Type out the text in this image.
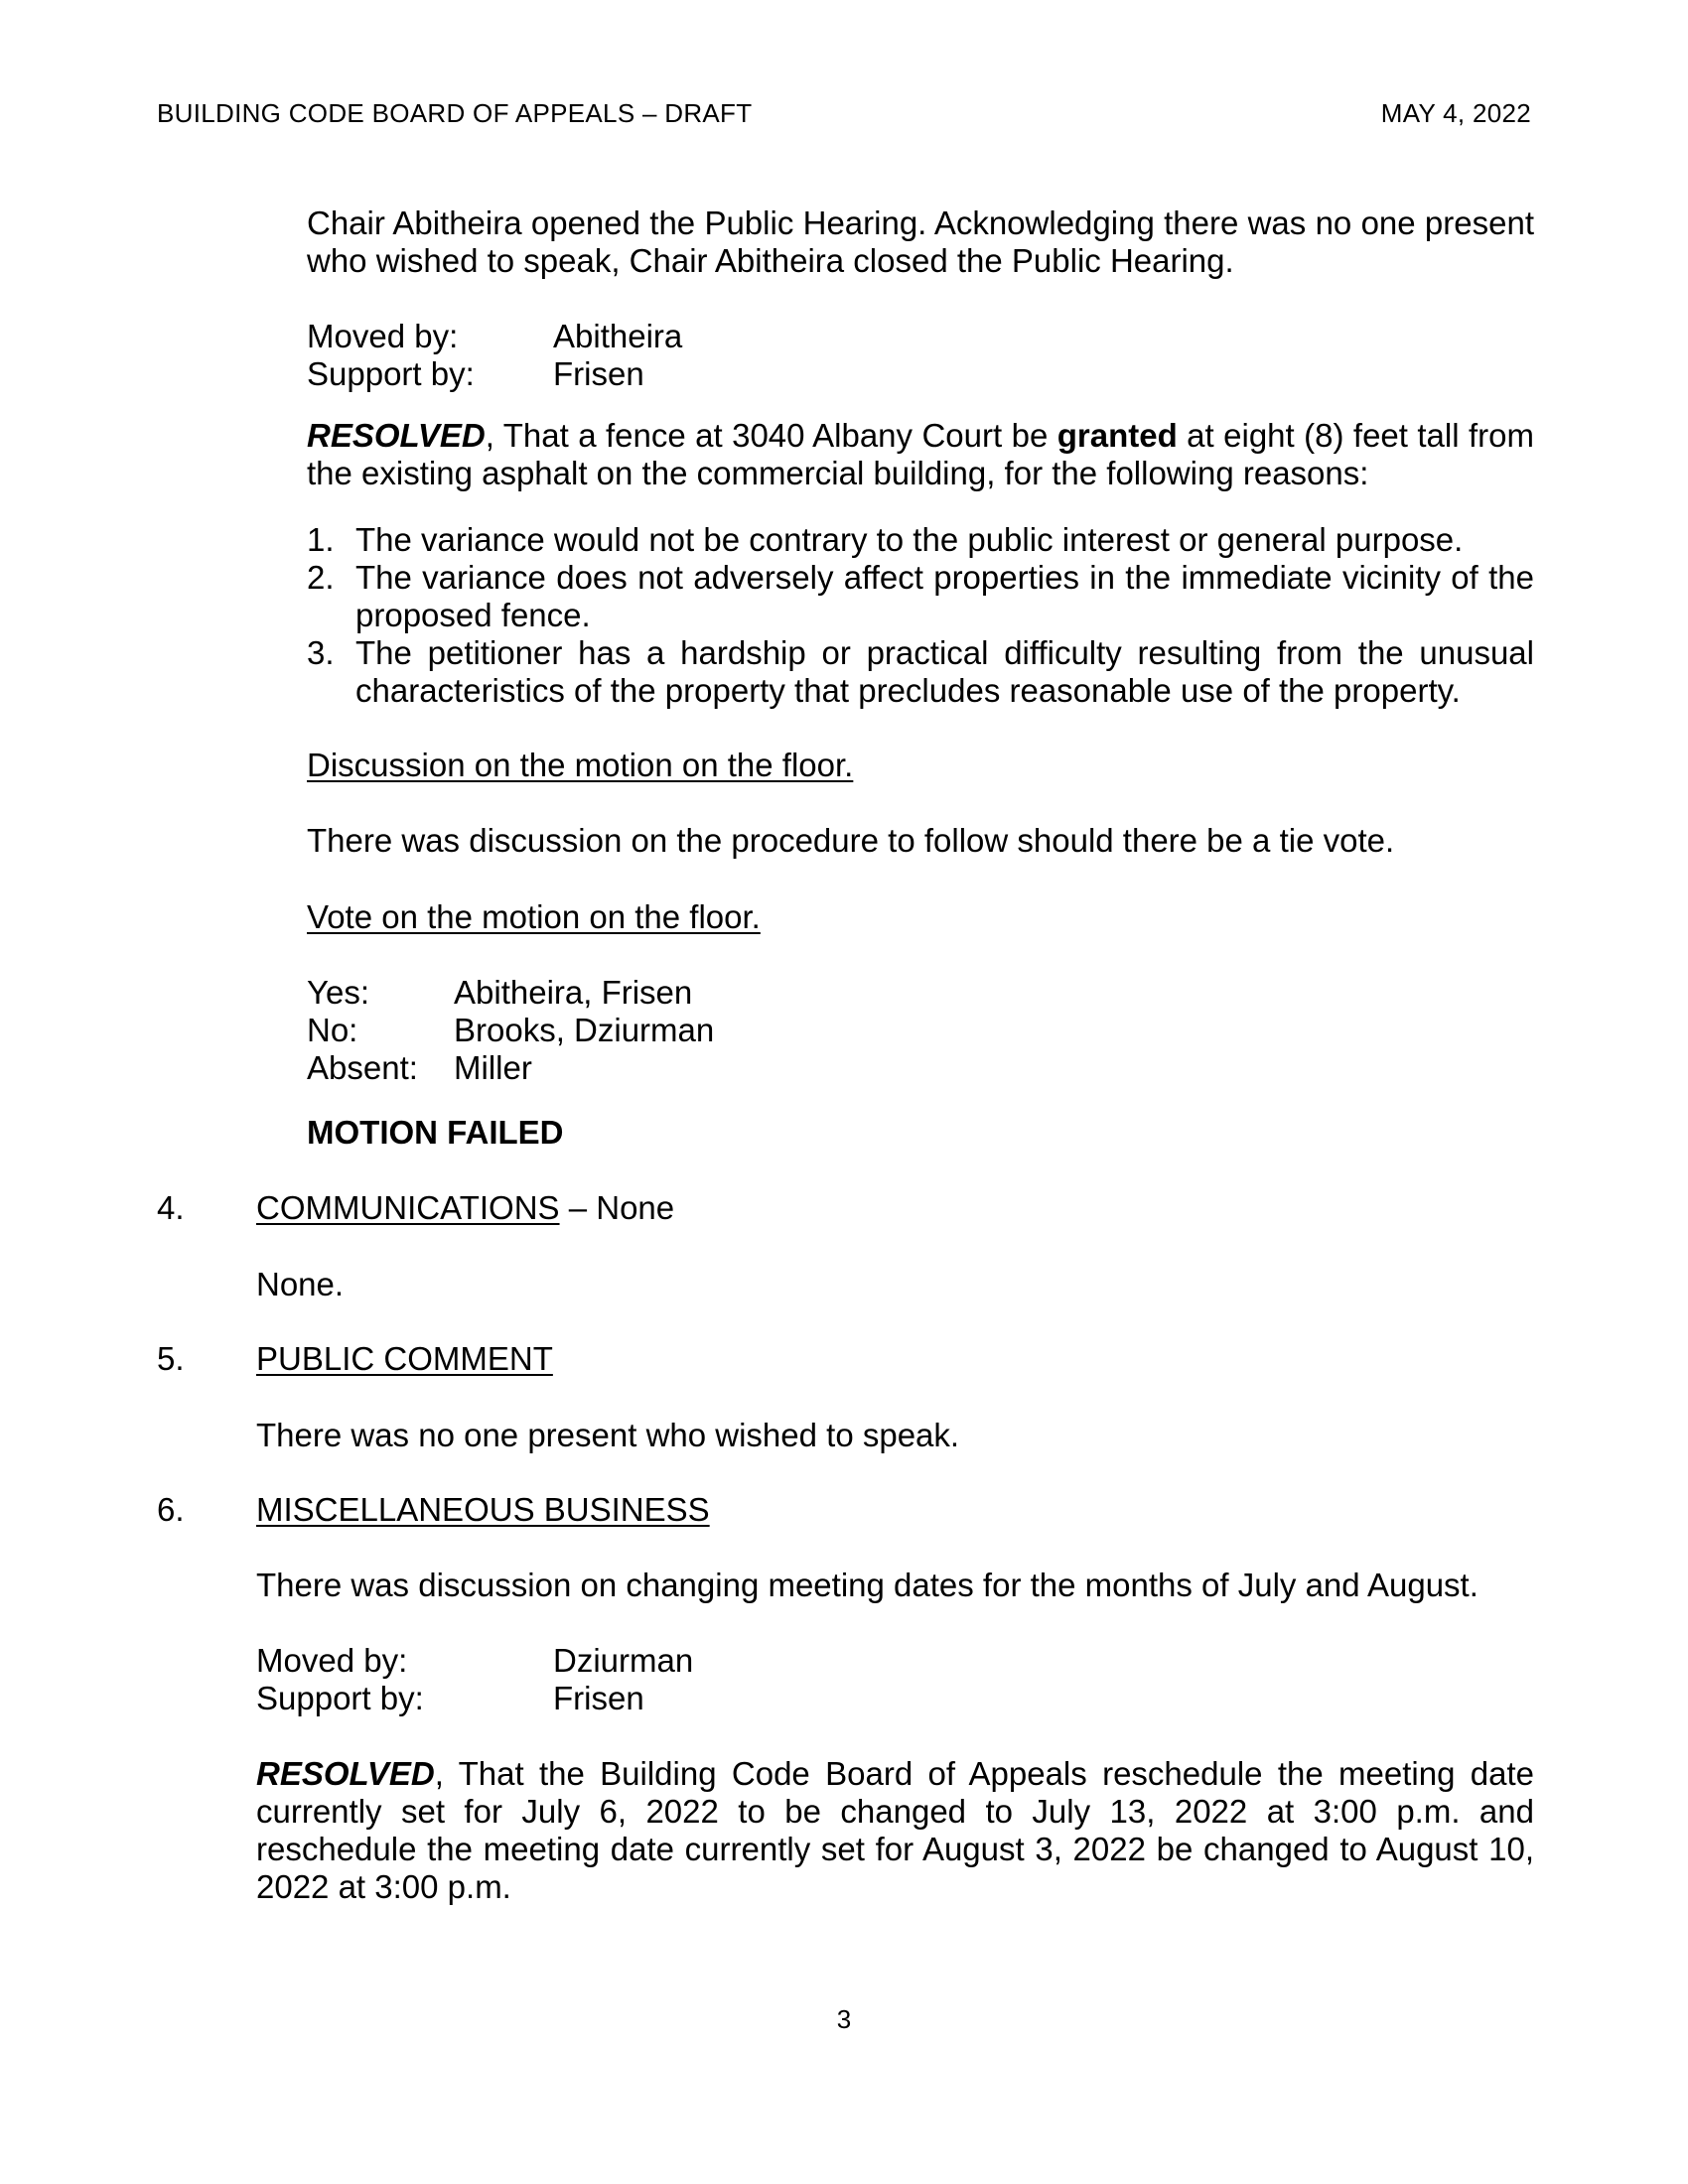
BUILDING CODE BOARD OF APPEALS – DRAFT	MAY 4, 2022

Chair Abitheira opened the Public Hearing. Acknowledging there was no one present who wished to speak, Chair Abitheira closed the Public Hearing.

Moved by:	Abitheira
Support by: Frisen

RESOLVED, That a fence at 3040 Albany Court be granted at eight (8) feet tall from the existing asphalt on the commercial building, for the following reasons:

1. The variance would not be contrary to the public interest or general purpose.
2. The variance does not adversely affect properties in the immediate vicinity of the proposed fence.
3. The petitioner has a hardship or practical difficulty resulting from the unusual characteristics of the property that precludes reasonable use of the property.
Discussion on the motion on the floor.
There was discussion on the procedure to follow should there be a tie vote.
Vote on the motion on the floor.
Yes:	Abitheira, Frisen
No:	Brooks, Dziurman
Absent: Miller
MOTION FAILED
4. COMMUNICATIONS – None
None.
5. PUBLIC COMMENT
There was no one present who wished to speak.
6. MISCELLANEOUS BUSINESS
There was discussion on changing meeting dates for the months of July and August.
Moved by:	Dziurman
Support by:	Frisen

RESOLVED, That the Building Code Board of Appeals reschedule the meeting date currently set for July 6, 2022 to be changed to July 13, 2022 at 3:00 p.m. and reschedule the meeting date currently set for August 3, 2022 be changed to August 10, 2022 at 3:00 p.m.

3
